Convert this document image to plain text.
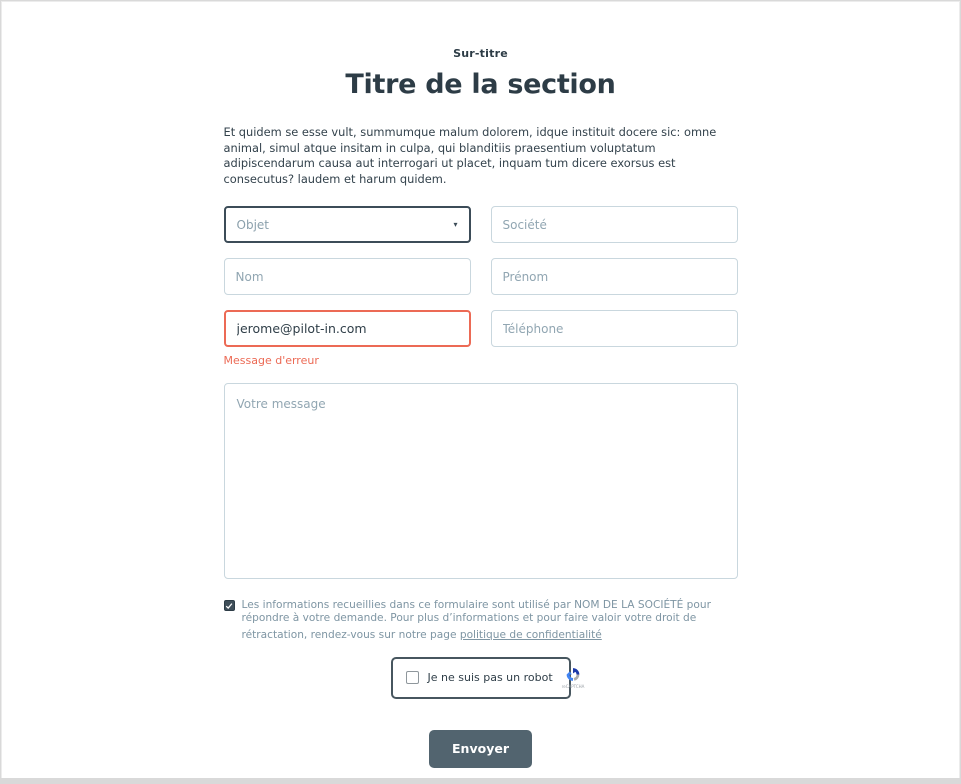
Sur-titre
Titre de la section

Et quidem se esse vult, summumque malum dolorem, idque instituit docere sic: omne animal, simul atque insitam in culpa, qui blanditiis praesentium voluptatum adipiscendarum causa aut interrogari ut placet, inquam tum dicere exorsus est consecutus? laudem et harum quidem.

Objet	▾
Société
Nom
Prénom
jerome@pilot-in.com
Téléphone
Message d'erreur
Votre message
Les informations recueillies dans ce formulaire sont utilisé par NOM DE LA SOCIÉTÉ pour répondre à votre demande. Pour plus d’informations et pour faire valoir votre droit de rétractation, rendez-vous sur notre page politique de confidentialité
Je ne suis pas un robot
reCAPTCHA
Envoyer
